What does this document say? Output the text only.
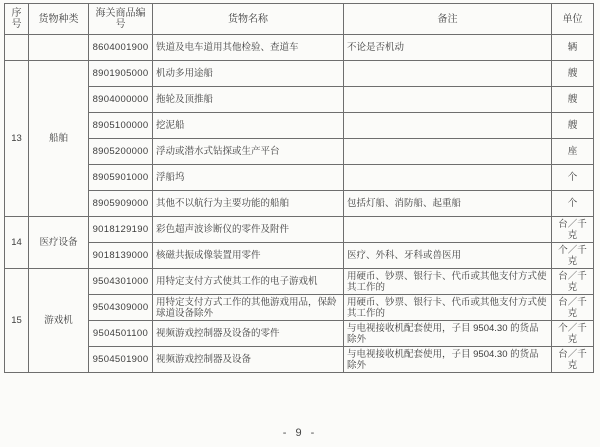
序号	货物种类	海关商品编号	货物名称	备注	单位
		8604001900	铁道及电车道用其他检验、查道车	不论是否机动	辆
13	船舶	8901905000	机动多用途船		艘
		8904000000	拖轮及顶推船		艘
		8905100000	挖泥船		艘
		8905200000	浮动或潜水式钻探或生产平台		座
		8905901000	浮船坞		个
		8905909000	其他不以航行为主要功能的船舶	包括灯船、消防船、起重船	个
14	医疗设备	9018129190	彩色超声波诊断仪的零件及附件		台／千克
		9018139000	核磁共振成像装置用零件	医疗、外科、牙科或兽医用	个／千克
15	游戏机	9504301000	用特定支付方式使其工作的电子游戏机	用硬币、钞票、银行卡、代币或其他支付方式使其工作的	台／千克
		9504309000	用特定支付方式工作的其他游戏用品，保龄球道设备除外	用硬币、钞票、银行卡、代币或其他支付方式使其工作的	台／千克
		9504501100	视频游戏控制器及设备的零件	与电视接收机配套使用，子目 9504.30 的货品除外	个／千克
		9504501900	视频游戏控制器及设备	与电视接收机配套使用，子目 9504.30 的货品除外	台／千克
- 9 -
